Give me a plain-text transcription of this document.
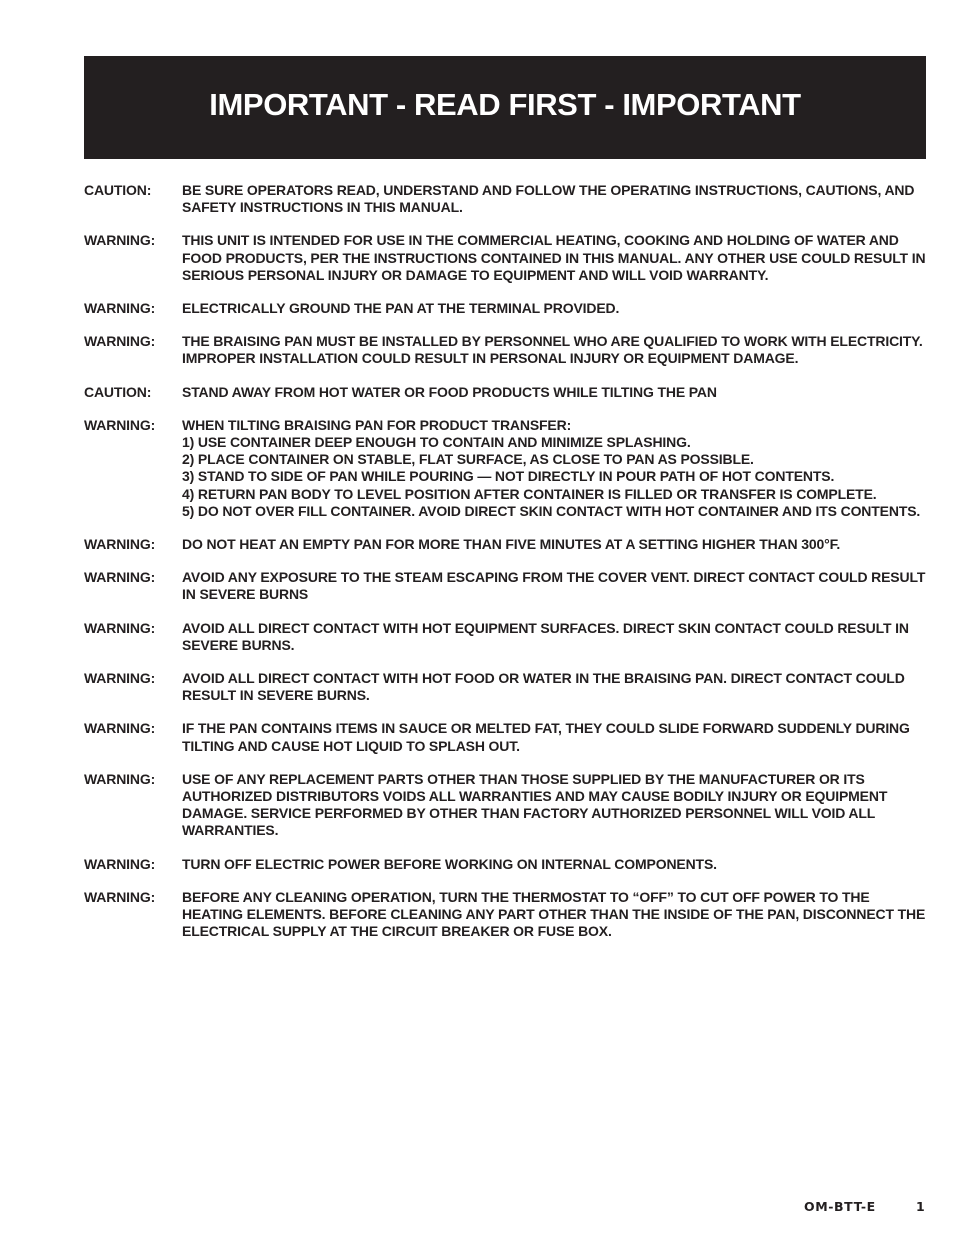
IMPORTANT - READ FIRST - IMPORTANT
CAUTION:	BE SURE OPERATORS READ, UNDERSTAND AND FOLLOW THE OPERATING INSTRUCTIONS, CAUTIONS, AND SAFETY INSTRUCTIONS IN THIS MANUAL.
WARNING:	THIS UNIT IS INTENDED FOR USE IN THE COMMERCIAL HEATING, COOKING AND HOLDING OF WATER AND FOOD PRODUCTS, PER THE INSTRUCTIONS CONTAINED IN THIS MANUAL. ANY OTHER USE COULD RESULT IN SERIOUS PERSONAL INJURY OR DAMAGE TO EQUIPMENT AND WILL VOID WARRANTY.
WARNING:	ELECTRICALLY GROUND THE PAN AT THE TERMINAL PROVIDED.
WARNING:	THE BRAISING PAN MUST BE INSTALLED BY PERSONNEL WHO ARE QUALIFIED TO WORK WITH ELECTRICITY. IMPROPER INSTALLATION COULD RESULT IN PERSONAL INJURY OR EQUIPMENT DAMAGE.
CAUTION:	STAND AWAY FROM HOT WATER OR FOOD PRODUCTS WHILE TILTING THE PAN
WARNING:	WHEN TILTING BRAISING PAN FOR PRODUCT TRANSFER:
1) USE CONTAINER DEEP ENOUGH TO CONTAIN AND MINIMIZE SPLASHING.
2) PLACE CONTAINER ON STABLE, FLAT SURFACE, AS CLOSE TO PAN AS POSSIBLE.
3) STAND TO SIDE OF PAN WHILE POURING — NOT DIRECTLY IN POUR PATH OF HOT CONTENTS.
4) RETURN PAN BODY TO LEVEL POSITION AFTER CONTAINER IS FILLED OR TRANSFER IS COMPLETE.
5) DO NOT OVER FILL CONTAINER. AVOID DIRECT SKIN CONTACT WITH HOT CONTAINER AND ITS CONTENTS.
WARNING:	DO NOT HEAT AN EMPTY PAN FOR MORE THAN FIVE MINUTES AT A SETTING HIGHER THAN 300°F.
WARNING:	AVOID ANY EXPOSURE TO THE STEAM ESCAPING FROM THE COVER VENT. DIRECT CONTACT COULD RESULT IN SEVERE BURNS
WARNING:	AVOID ALL DIRECT CONTACT WITH HOT EQUIPMENT SURFACES. DIRECT SKIN CONTACT COULD RESULT IN SEVERE BURNS.
WARNING:	AVOID ALL DIRECT CONTACT WITH HOT FOOD OR WATER IN THE BRAISING PAN. DIRECT CONTACT COULD RESULT IN SEVERE BURNS.
WARNING:	IF THE PAN CONTAINS ITEMS IN SAUCE OR MELTED FAT, THEY COULD SLIDE FORWARD SUDDENLY DURING TILTING AND CAUSE HOT LIQUID TO SPLASH OUT.
WARNING:	USE OF ANY REPLACEMENT PARTS OTHER THAN THOSE SUPPLIED BY THE MANUFACTURER OR ITS AUTHORIZED DISTRIBUTORS VOIDS ALL WARRANTIES AND MAY CAUSE BODILY INJURY OR EQUIPMENT DAMAGE. SERVICE PERFORMED BY OTHER THAN FACTORY AUTHORIZED PERSONNEL WILL VOID ALL WARRANTIES.
WARNING:	TURN OFF ELECTRIC POWER BEFORE WORKING ON INTERNAL COMPONENTS.
WARNING:	BEFORE ANY CLEANING OPERATION, TURN THE THERMOSTAT TO “OFF” TO CUT OFF POWER TO THE HEATING ELEMENTS. BEFORE CLEANING ANY PART OTHER THAN THE INSIDE OF THE PAN, DISCONNECT THE ELECTRICAL SUPPLY AT THE CIRCUIT BREAKER OR FUSE BOX.
OM-BTT-E	1
